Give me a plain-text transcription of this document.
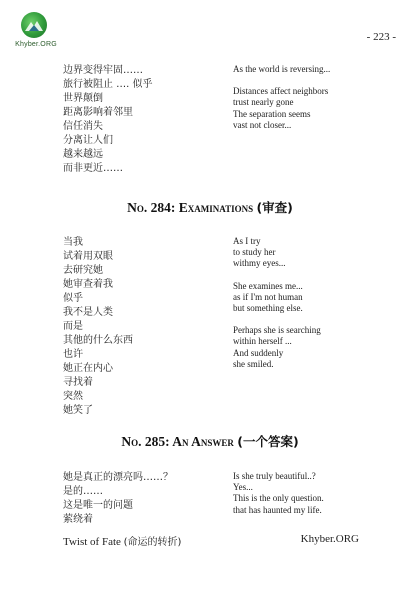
Khyber.ORG
- 223 -
边界变得牢固……
旅行被阻止 …. 似乎
世界颠倒
距离影响着邻里
信任消失
分离让人们
越来越远
而非更近……
As the world is reversing...
Distances affect neighbors
trust nearly gone
The separation seems
vast not closer...
No. 284: Examinations (审查)
当我
试着用双眼
去研究她
她审查着我
似乎
我不是人类
而是
其他的什么东西
也许
她正在内心
寻找着
突然
她笑了
As I try
to study her
withmy eyes...
She examines me...
as if I'm not human
but something else.
Perhaps she is searching
within herself ...
And suddenly
she smiled.
No. 285: An Answer (一个答案)
她是真正的漂亮吗……？
是的……
这是唯一的问题
萦绕着
Is she truly beautiful..?
Yes...
This is the only question.
that has haunted my life.
Twist of Fate (命运的转折)	Khyber.ORG
